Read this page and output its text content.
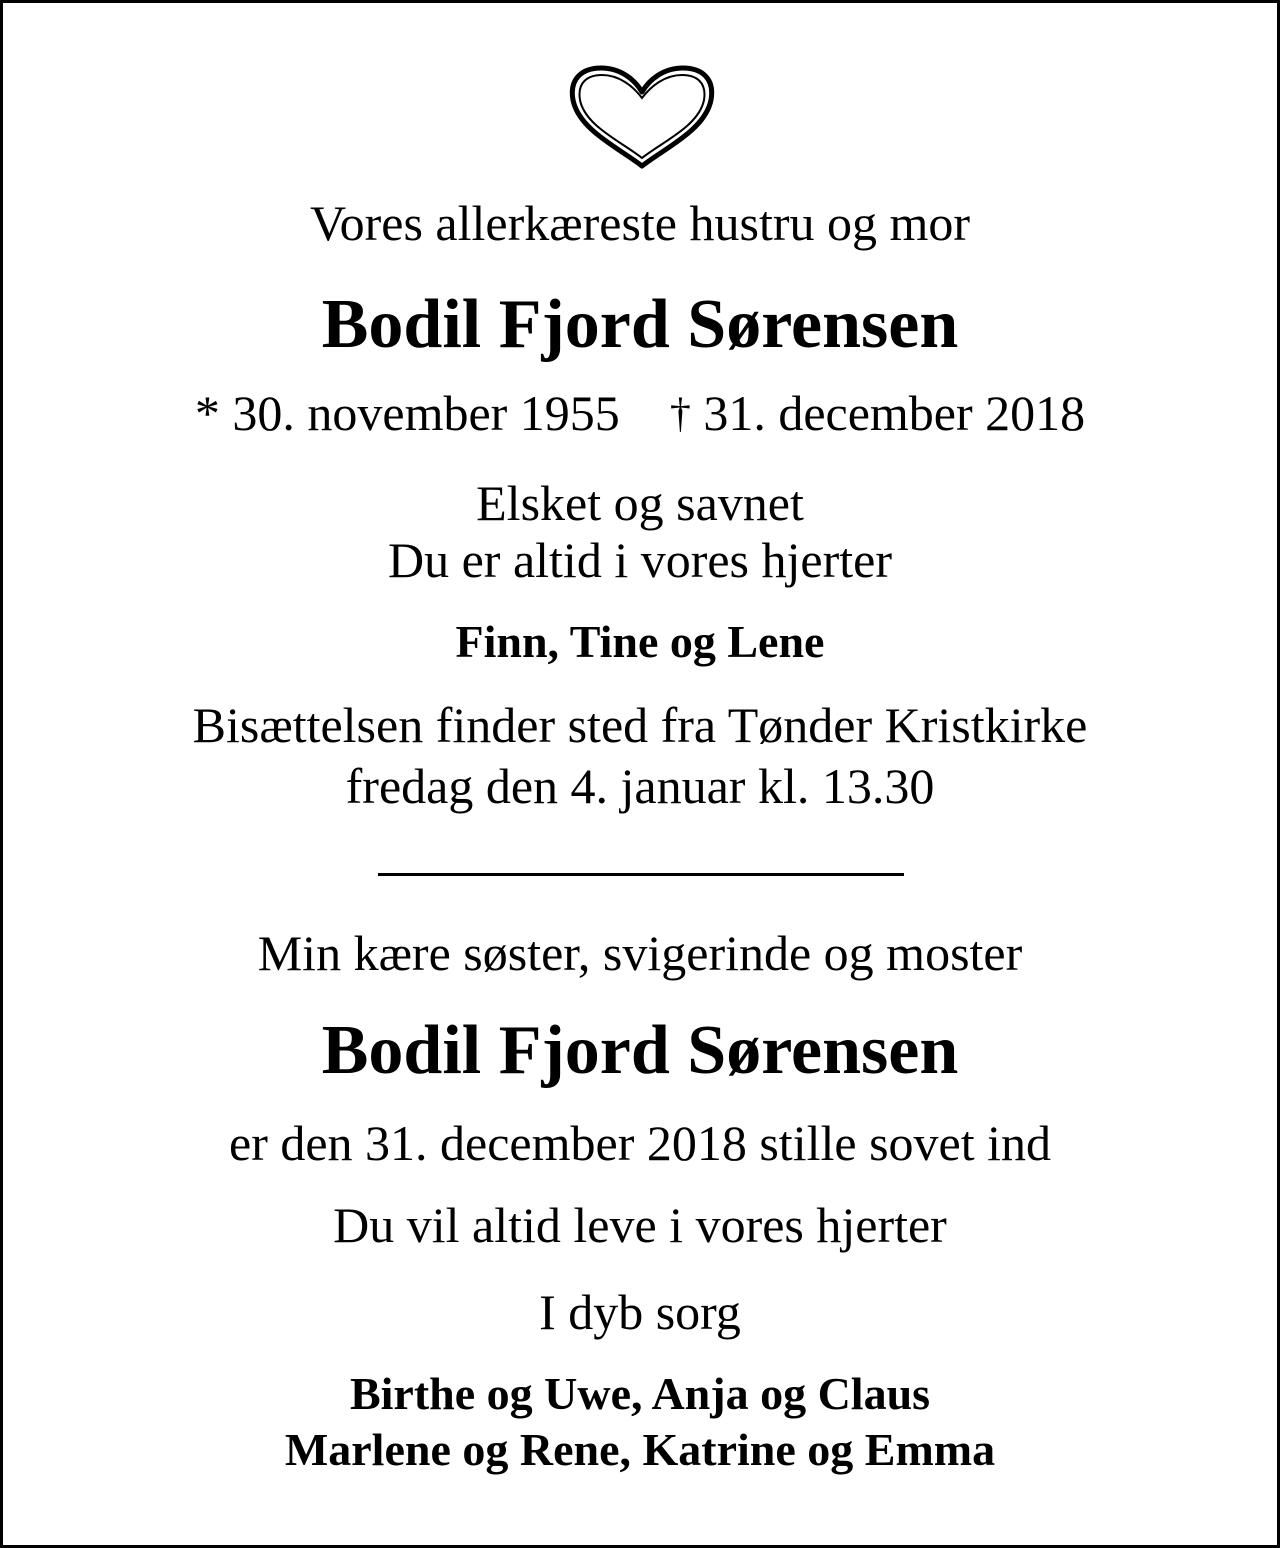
Vores allerkæreste hustru og mor
Bodil Fjord Sørensen
* 30. november 1955 † 31. december 2018
Elsket og savnet
Du er altid i vores hjerter
Finn, Tine og Lene
Bisættelsen finder sted fra Tønder Kristkirke
fredag den 4. januar kl. 13.30
Min kære søster, svigerinde og moster
Bodil Fjord Sørensen
er den 31. december 2018 stille sovet ind
Du vil altid leve i vores hjerter
I dyb sorg
Birthe og Uwe, Anja og Claus
Marlene og Rene, Katrine og Emma
